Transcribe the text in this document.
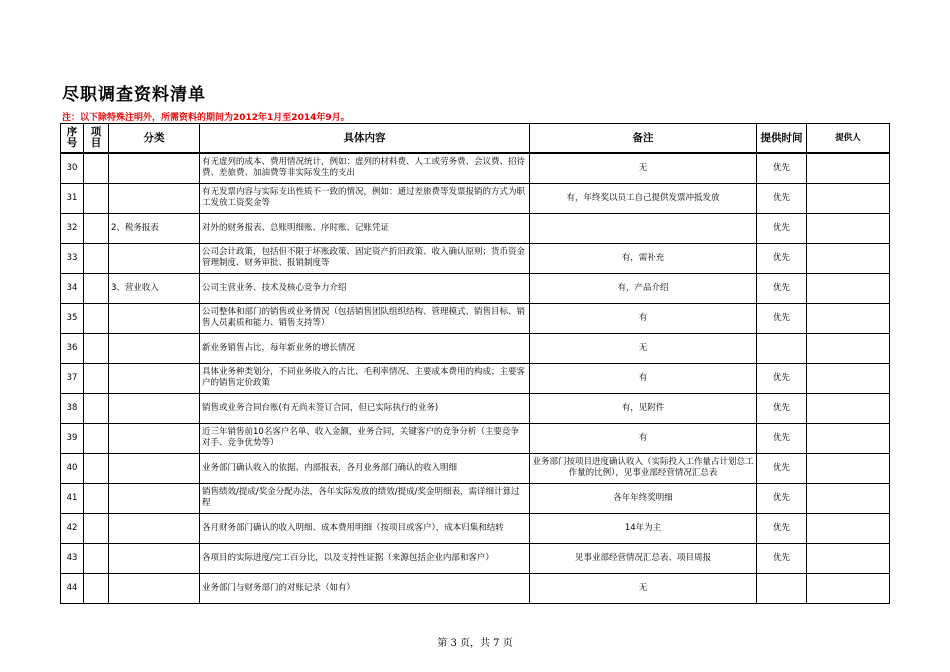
尽职调查资料清单
注：以下除特殊注明外，所需资料的期间为2012年1月至2014年9月。
序号	项目	分类	具体内容	备注	提供时间	提供人
30			有无虚列的成本、费用情况统计，例如：虚列的材料费、人工或劳务费、会议费、招待费、差旅费、加油费等非实际发生的支出	无	优先	
31			有无发票内容与实际支出性质不一致的情况，例如：通过差旅费等发票报销的方式为职工发放工资奖金等	有，年终奖以员工自己提供发票冲抵发放	优先	
32		2、税务报表	对外的财务报表、总账明细账、序时账、记账凭证		优先	
33			公司会计政策，包括但不限于坏账政策、固定资产折旧政策、收入确认原则；货币资金管理制度、财务审批、报销制度等	有，需补充	优先	
34		3、营业收入	公司主营业务、技术及核心竞争力介绍	有，产品介绍	优先	
35			公司整体和部门的销售或业务情况（包括销售团队组织结构、管理模式、销售目标、销售人员素质和能力、销售支持等）	有	优先	
36			新业务销售占比，每年新业务的增长情况	无		
37			具体业务种类划分，不同业务收入的占比、毛利率情况、主要成本费用的构成；主要客户的销售定价政策	有	优先	
38			销售或业务合同台账(有无尚未签订合同，但已实际执行的业务)	有，见附件	优先	
39			近三年销售前10名客户名单、收入金额，业务合同，关键客户的竞争分析（主要竞争对手、竞争优势等）	有	优先	
40			业务部门确认收入的依据、内部报表，各月业务部门确认的收入明细	业务部门按项目进度确认收入（实际投入工作量占计划总工作量的比例），见事业部经营情况汇总表	优先	
41			销售绩效/提成/奖金分配办法，各年实际发放的绩效/提成/奖金明细表，需详细计算过程	各年年终奖明细	优先	
42			各月财务部门确认的收入明细、成本费用明细（按项目或客户），成本归集和结转	14年为主	优先	
43			各项目的实际进度/完工百分比，以及支持性证据（来源包括企业内部和客户）	见事业部经营情况汇总表、项目周报	优先	
44			业务部门与财务部门的对账记录（如有）	无		
第 3 页，共 7 页
